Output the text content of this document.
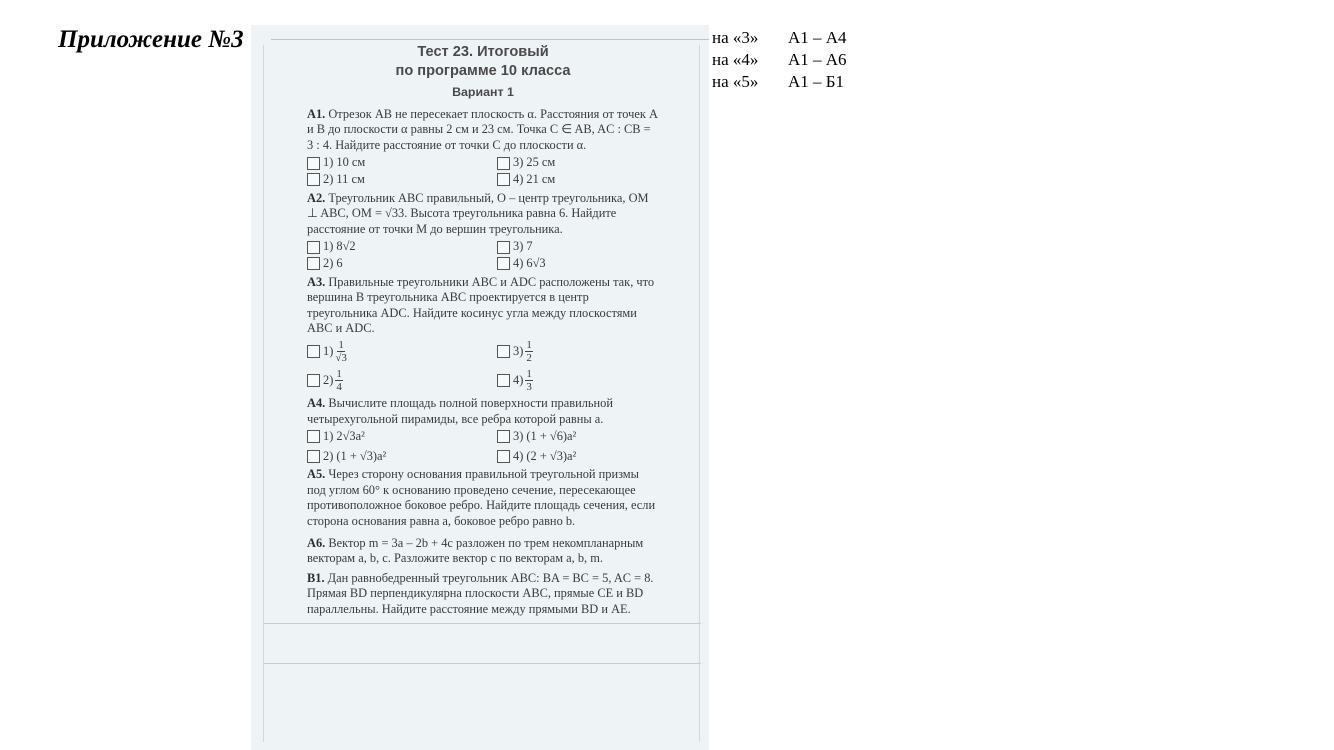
Приложение №3	на «3» А1 – А4
на «4» А1 – А6
на «5» А1 – Б1
Тест 23. Итоговый
по программе 10 класса
Вариант 1
A1. Отрезок AB не пересекает плоскость α. Расстояния от точек A и B до плоскости α равны 2 см и 23 см. Точка C ∈ AB, AC : CB = 3 : 4. Найдите расстояние от точки C до плоскости α.
1) 10 см	3) 25 см
2) 11 см	4) 21 см
A2. Треугольник ABC правильный, O – центр треугольника, OM ⊥ ABC, OM = √33. Высота треугольника равна 6. Найдите расстояние от точки M до вершин треугольника.
1) 8√2	3) 7
2) 6	4) 6√3
A3. Правильные треугольники ABC и ADC расположены так, что вершина B треугольника ABC проектируется в центр треугольника ADC. Найдите косинус угла между плоскостями ABC и ADC.
$1) \frac{1}{√3}$	$3) \frac{1}{2}$
$2) \frac{1}{4}$	$4) \frac{1}{3}$
A4. Вычислите площадь полной поверхности правильной четырехугольной пирамиды, все ребра которой равны a.
1) 2√3a²	3) (1 + √6)a²
2) (1 + √3)a²	4) (2 + √3)a²
A5. Через сторону основания правильной треугольной призмы под углом 60° к основанию проведено сечение, пересекающее противоположное боковое ребро. Найдите площадь сечения, если сторона основания равна a, боковое ребро равно b.
A6. Вектор m = 3a – 2b + 4c разложен по трем некомпланарным векторам a, b, c. Разложите вектор c по векторам a, b, m.
B1. Дан равнобедренный треугольник ABC: BA = BC = 5, AC = 8. Прямая BD перпендикулярна плоскости ABC, прямые CE и BD параллельны. Найдите расстояние между прямыми BD и AE.
